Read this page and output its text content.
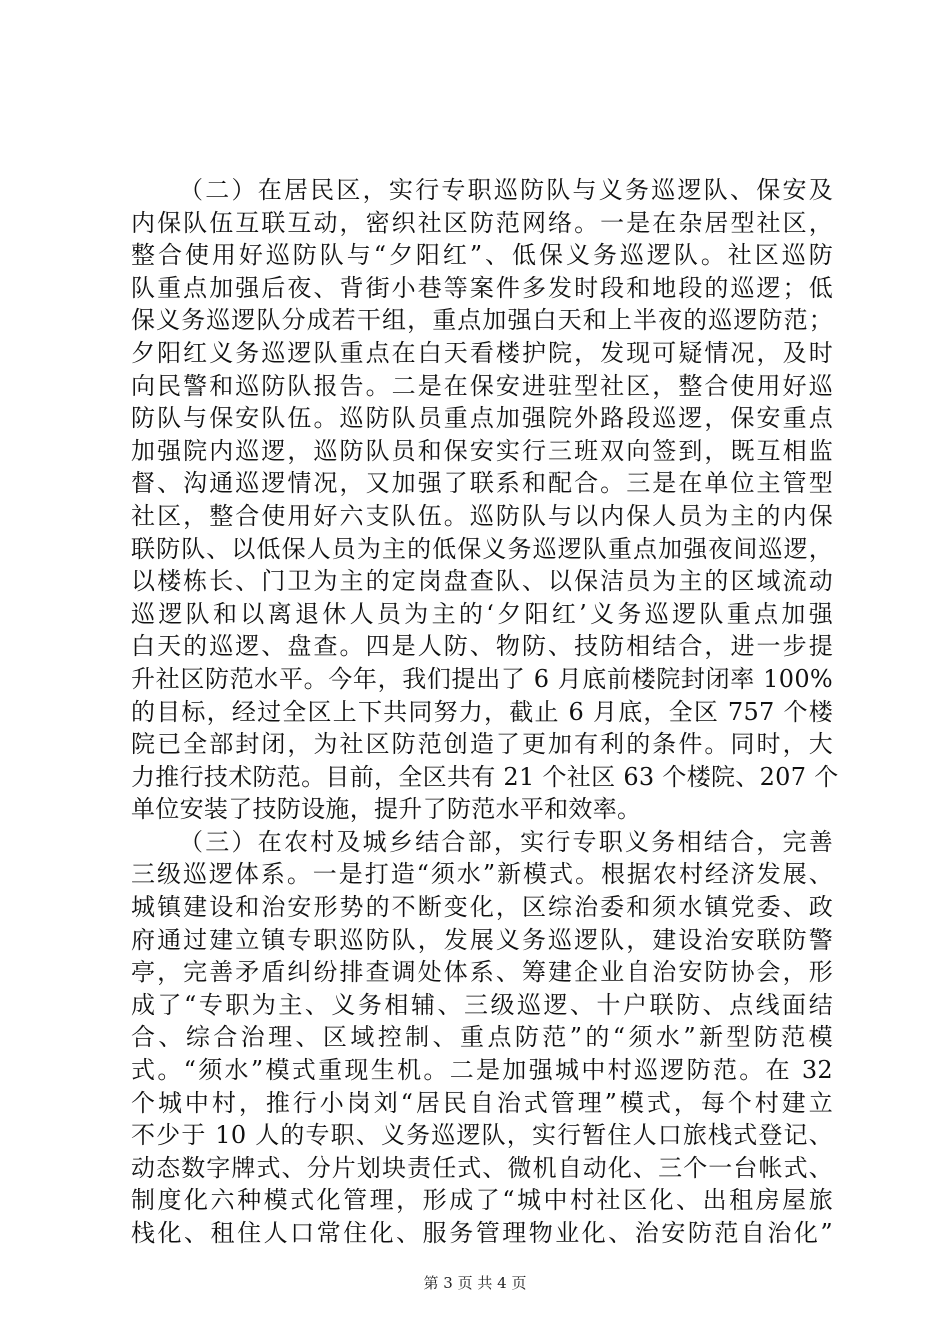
（二）在居民区，实行专职巡防队与义务巡逻队、保安及
内保队伍互联互动，密织社区防范网络。一是在杂居型社区，
整合使用好巡防队与“夕阳红”、低保义务巡逻队。社区巡防
队重点加强后夜、背街小巷等案件多发时段和地段的巡逻；低
保义务巡逻队分成若干组，重点加强白天和上半夜的巡逻防范；
夕阳红义务巡逻队重点在白天看楼护院，发现可疑情况，及时
向民警和巡防队报告。二是在保安进驻型社区，整合使用好巡
防队与保安队伍。巡防队员重点加强院外路段巡逻，保安重点
加强院内巡逻，巡防队员和保安实行三班双向签到，既互相监
督、沟通巡逻情况，又加强了联系和配合。三是在单位主管型
社区，整合使用好六支队伍。巡防队与以内保人员为主的内保
联防队、以低保人员为主的低保义务巡逻队重点加强夜间巡逻，
以楼栋长、门卫为主的定岗盘查队、以保洁员为主的区域流动
巡逻队和以离退休人员为主的‘夕阳红’义务巡逻队重点加强
白天的巡逻、盘查。四是人防、物防、技防相结合，进一步提
升社区防范水平。今年，我们提出了 6 月底前楼院封闭率 100%
的目标，经过全区上下共同努力，截止 6 月底，全区 757 个楼
院已全部封闭，为社区防范创造了更加有利的条件。同时，大
力推行技术防范。目前，全区共有 21 个社区 63 个楼院、207 个
单位安装了技防设施，提升了防范水平和效率。
（三）在农村及城乡结合部，实行专职义务相结合，完善
三级巡逻体系。一是打造“须水”新模式。根据农村经济发展、
城镇建设和治安形势的不断变化，区综治委和须水镇党委、政
府通过建立镇专职巡防队，发展义务巡逻队，建设治安联防警
亭，完善矛盾纠纷排查调处体系、筹建企业自治安防协会，形
成了“专职为主、义务相辅、三级巡逻、十户联防、点线面结
合、综合治理、区域控制、重点防范”的“须水”新型防范模
式。“须水”模式重现生机。二是加强城中村巡逻防范。在 32
个城中村，推行小岗刘“居民自治式管理”模式，每个村建立
不少于 10 人的专职、义务巡逻队，实行暂住人口旅栈式登记、
动态数字牌式、分片划块责任式、微机自动化、三个一台帐式、
制度化六种模式化管理，形成了“城中村社区化、出租房屋旅
栈化、租住人口常住化、服务管理物业化、治安防范自治化”
第 3 页 共 4 页
